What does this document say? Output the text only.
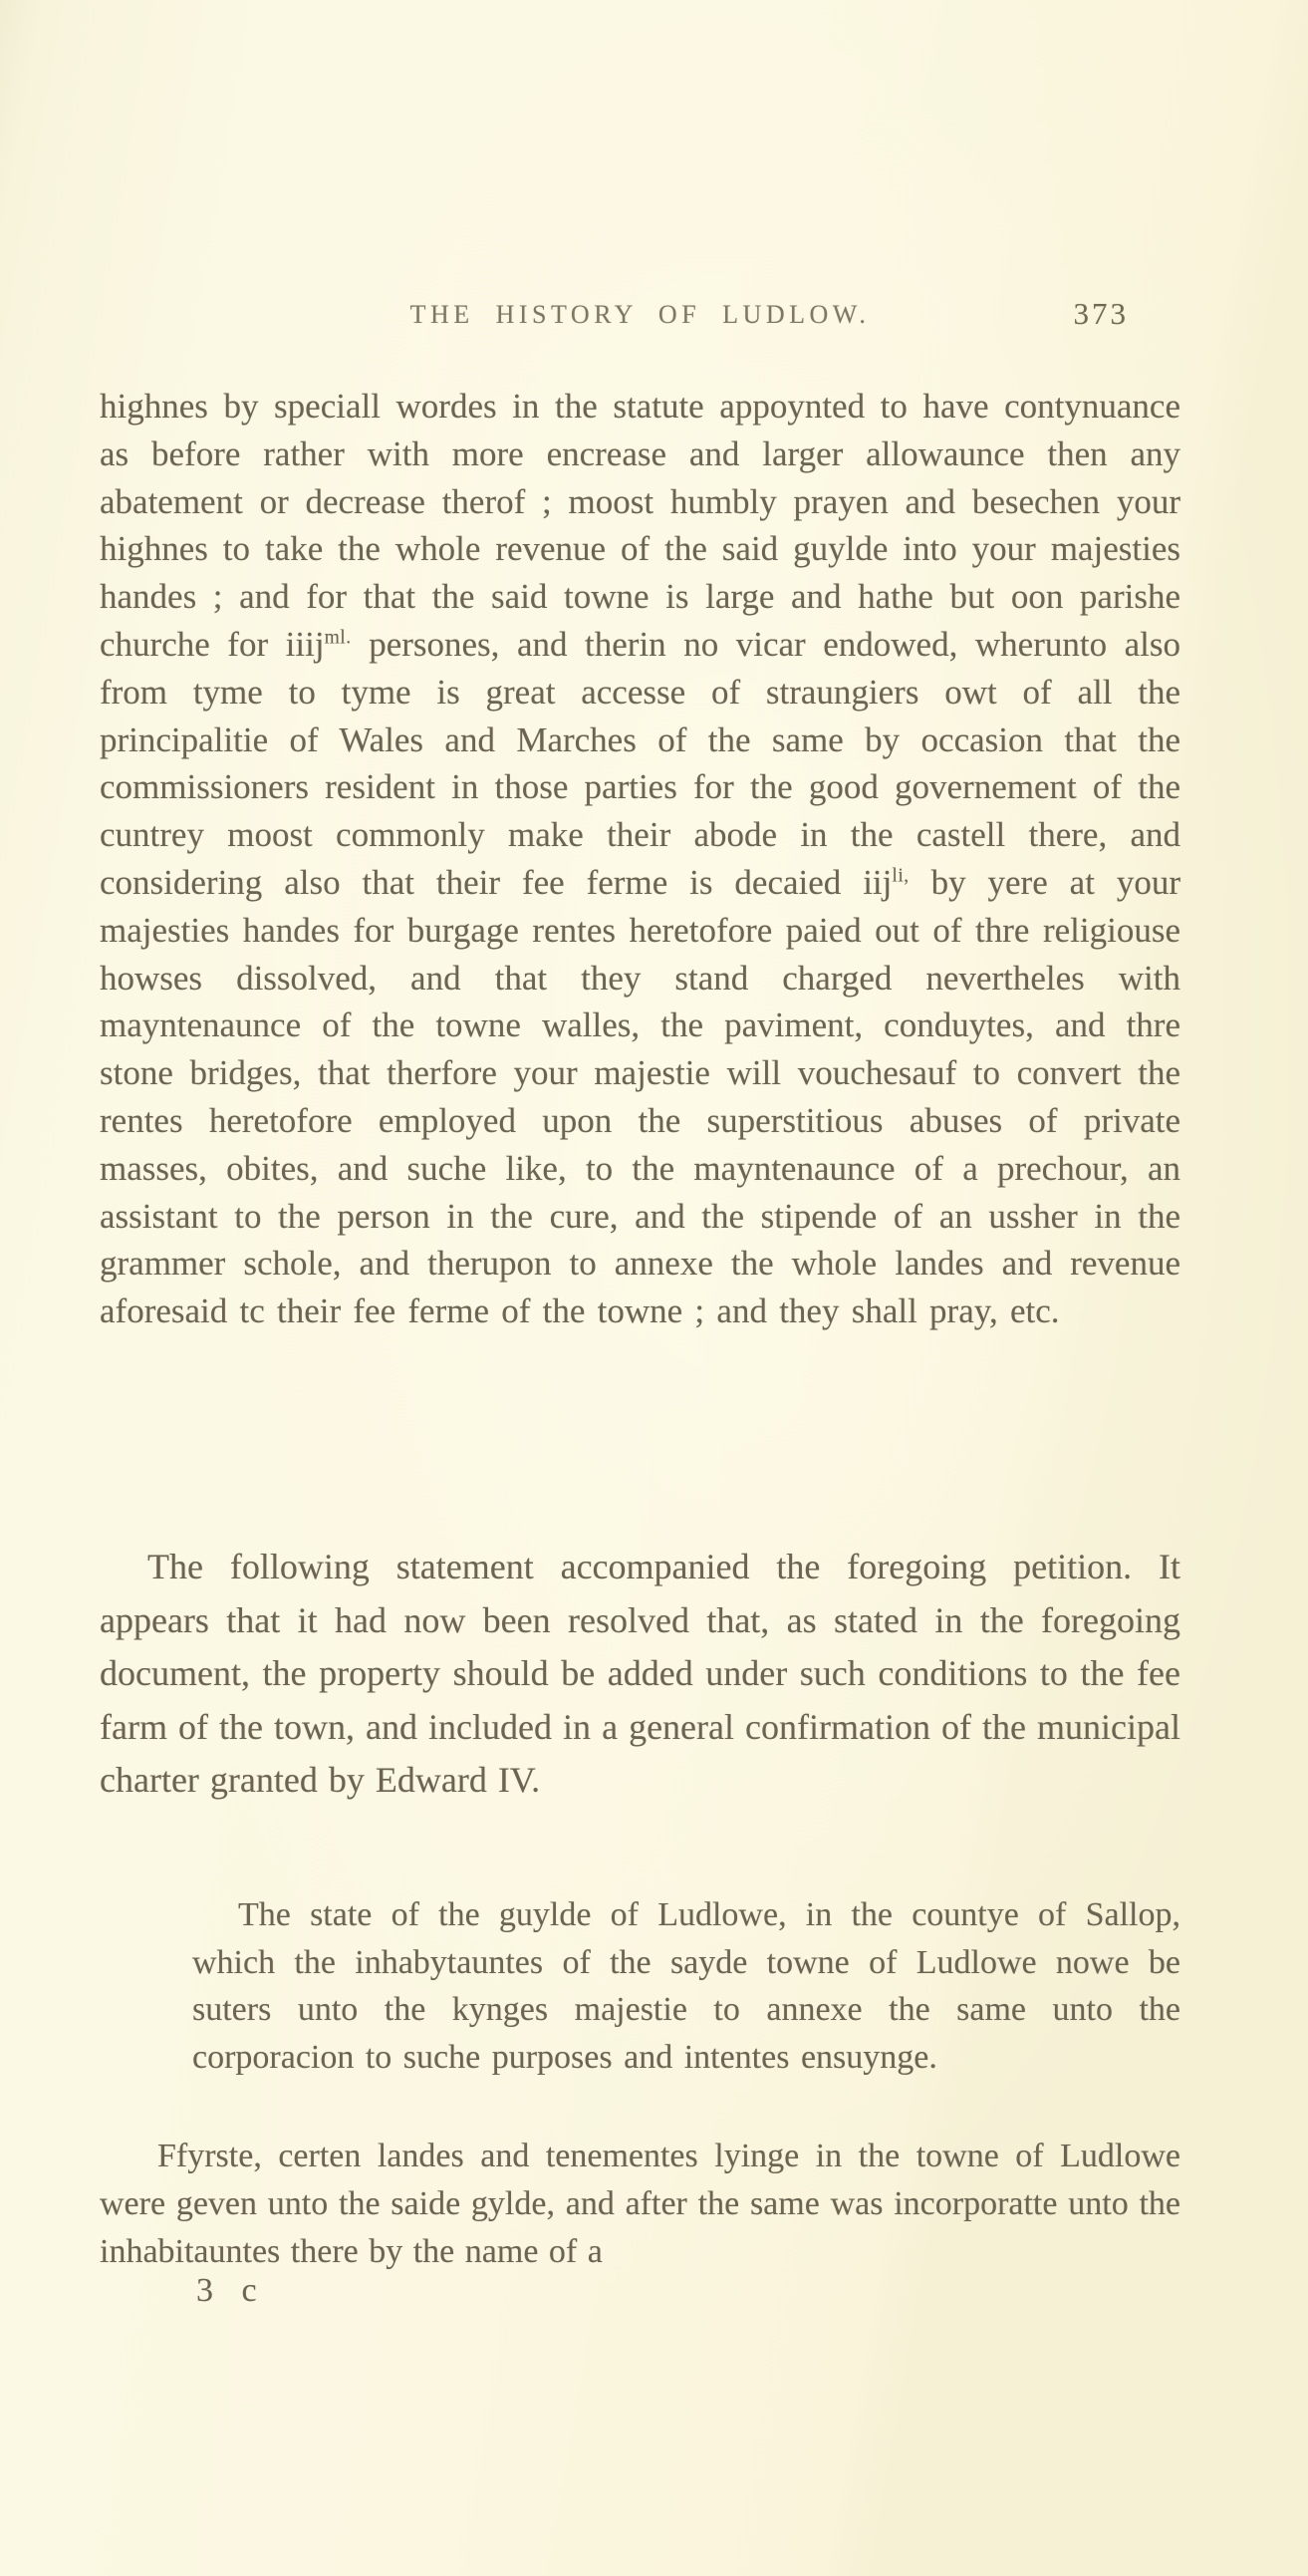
THE HISTORY OF LUDLOW.	373

highnes by speciall wordes in the statute appoynted to have contynuance as before rather with more encrease and larger allowaunce then any abatement or decrease therof ; moost humbly prayen and besechen your highnes to take the whole revenue of the said guylde into your majesties handes ; and for that the said towne is large and hathe but oon parishe churche for iiij$^{ml.}$ persones, and therin no vicar endowed, wherunto also from tyme to tyme is great accesse of straungiers owt of all the principalitie of Wales and Marches of the same by occasion that the commissioners resident in those parties for the good governement of the cuntrey moost commonly make their abode in the castell there, and considering also that their fee ferme is decaied iij$^{li,}$ by yere at your majesties handes for burgage rentes heretofore paied out of thre religiouse howses dissolved, and that they stand charged nevertheles with mayntenaunce of the towne walles, the paviment, conduytes, and thre stone bridges, that therfore your majestie will vouchesauf to convert the rentes heretofore employed upon the superstitious abuses of private masses, obites, and suche like, to the mayntenaunce of a prechour, an assistant to the person in the cure, and the stipende of an ussher in the grammer schole, and therupon to annexe the whole landes and revenue aforesaid tc their fee ferme of the towne ; and they shall pray, etc.

The following statement accompanied the foregoing petition. It appears that it had now been resolved that, as stated in the foregoing document, the property should be added under such conditions to the fee farm of the town, and included in a general confirmation of the municipal charter granted by Edward IV.

The state of the guylde of Ludlowe, in the countye of Sallop, which the inhabytauntes of the sayde towne of Ludlowe nowe be suters unto the kynges majestie to annexe the same unto the corporacion to suche purposes and intentes ensuynge.

Ffyrste, certen landes and tenementes lyinge in the towne of Ludlowe were geven unto the saide gylde, and after the same was incorporatte unto the inhabitauntes there by the name of a

3 c
